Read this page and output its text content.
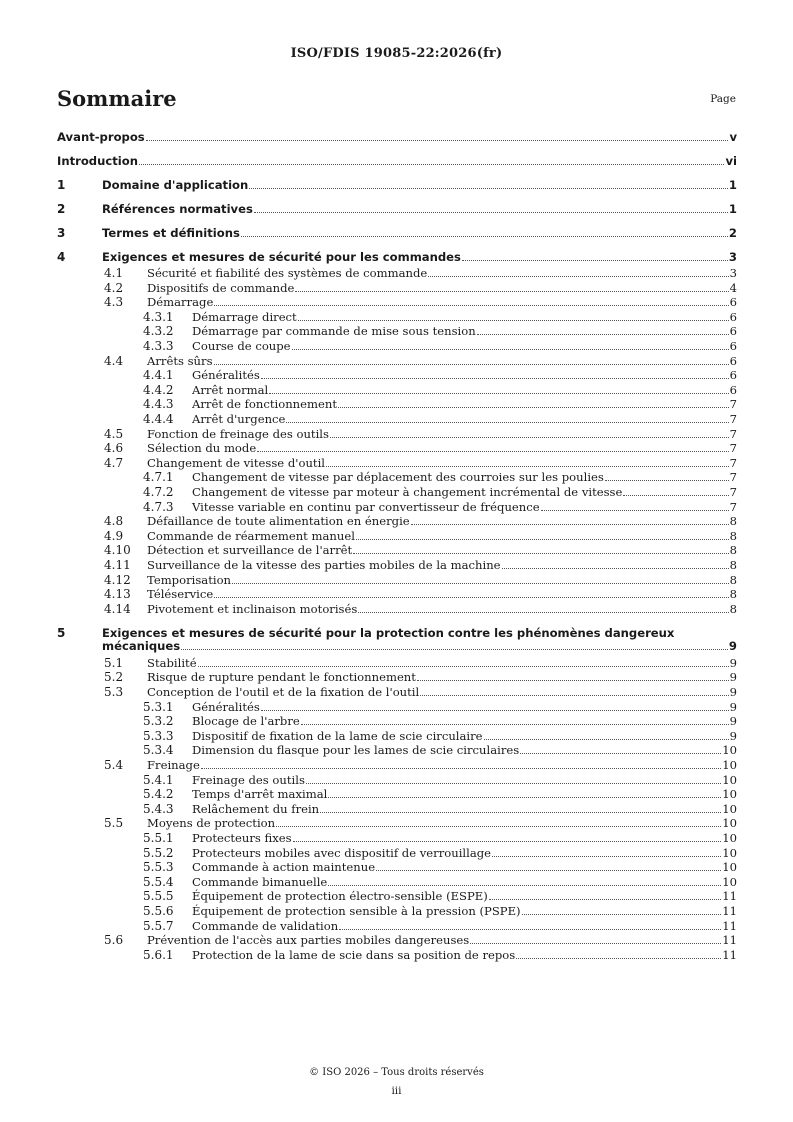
ISO/FDIS 19085-22:2026(fr)
Sommaire	Page
Avant-propos	v
Introduction	vi
1	Domaine d'application	1
2	Références normatives	1
3	Termes et définitions	2
4	Exigences et mesures de sécurité pour les commandes	3
4.1 Sécurité et fiabilité des systèmes de commande	3
4.2 Dispositifs de commande	4
4.3 Démarrage	6
4.3.1 Démarrage direct	6
4.3.2 Démarrage par commande de mise sous tension	6
4.3.3 Course de coupe	6
4.4 Arrêts sûrs	6
4.4.1 Généralités	6
4.4.2 Arrêt normal	6
4.4.3 Arrêt de fonctionnement	7
4.4.4 Arrêt d'urgence	7
4.5 Fonction de freinage des outils	7
4.6 Sélection du mode	7
4.7 Changement de vitesse d'outil	7
4.7.1 Changement de vitesse par déplacement des courroies sur les poulies	7
4.7.2 Changement de vitesse par moteur à changement incrémental de vitesse	7
4.7.3 Vitesse variable en continu par convertisseur de fréquence	7
4.8 Défaillance de toute alimentation en énergie	8
4.9 Commande de réarmement manuel	8
4.10 Détection et surveillance de l'arrêt	8
4.11 Surveillance de la vitesse des parties mobiles de la machine	8
4.12 Temporisation	8
4.13 Téléservice	8
4.14 Pivotement et inclinaison motorisés	8
5	Exigences et mesures de sécurité pour la protection contre les phénomènes dangereux
mécaniques	9
5.1 Stabilité	9
5.2 Risque de rupture pendant le fonctionnement	9
5.3 Conception de l'outil et de la fixation de l'outil	9
5.3.1 Généralités	9
5.3.2 Blocage de l'arbre	9
5.3.3 Dispositif de fixation de la lame de scie circulaire	9
5.3.4 Dimension du flasque pour les lames de scie circulaires	10
5.4 Freinage	10
5.4.1 Freinage des outils	10
5.4.2 Temps d'arrêt maximal	10
5.4.3 Relâchement du frein	10
5.5 Moyens de protection	10
5.5.1 Protecteurs fixes	10
5.5.2 Protecteurs mobiles avec dispositif de verrouillage	10
5.5.3 Commande à action maintenue	10
5.5.4 Commande bimanuelle	10
5.5.5 Équipement de protection électro-sensible (ESPE)	11
5.5.6 Équipement de protection sensible à la pression (PSPE)	11
5.5.7 Commande de validation	11
5.6 Prévention de l'accès aux parties mobiles dangereuses	11
5.6.1 Protection de la lame de scie dans sa position de repos	11
© ISO 2026 – Tous droits réservés
iii
